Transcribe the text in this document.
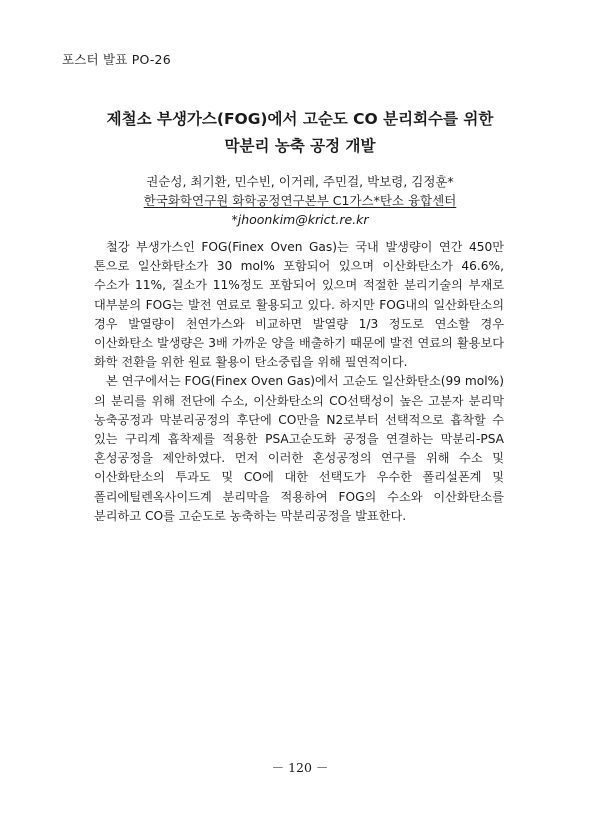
포스터 발표 PO-26
제철소 부생가스(FOG)에서 고순도 CO 분리회수를 위한
막분리 농축 공정 개발
권순성, 최기환, 민수빈, 이거레, 주민걸, 박보령, 김정훈*
한국화학연구원 화학공정연구본부 C1가스*탄소 융합센터
*jhoonkim@krict.re.kr

철강 부생가스인 FOG(Finex Oven Gas)는 국내 발생량이 연간 450만 톤으로 일산화탄소가 30 mol% 포함되어 있으며 이산화탄소가 46.6%, 수소가 11%, 질소가 11%정도 포함되어 있으며 적절한 분리기술의 부재로 대부분의 FOG는 발전 연료로 활용되고 있다. 하지만 FOG내의 일산화탄소의 경우 발열량이 천연가스와 비교하면 발열량 1/3 정도로 연소할 경우 이산화탄소 발생량은 3배 가까운 양을 배출하기 때문에 발전 연료의 활용보다 화학 전환을 위한 원료 활용이 탄소중립을 위해 필연적이다.

본 연구에서는 FOG(Finex Oven Gas)에서 고순도 일산화탄소(99 mol%)의 분리를 위해 전단에 수소, 이산화탄소의 CO선택성이 높은 고분자 분리막 농축공정과 막분리공정의 후단에 CO만을 N2로부터 선택적으로 흡착할 수 있는 구리계 흡착제를 적용한 PSA고순도화 공정을 연결하는 막분리-PSA 혼성공정을 제안하였다. 먼저 이러한 혼성공정의 연구를 위해 수소 및 이산화탄소의 투과도 및 CO에 대한 선택도가 우수한 폴리설폰계 및 폴리에틸렌옥사이드계 분리막을 적용하여 FOG의 수소와 이산화탄소를 분리하고 CO를 고순도로 농축하는 막분리공정을 발표한다.

－ 120 －
